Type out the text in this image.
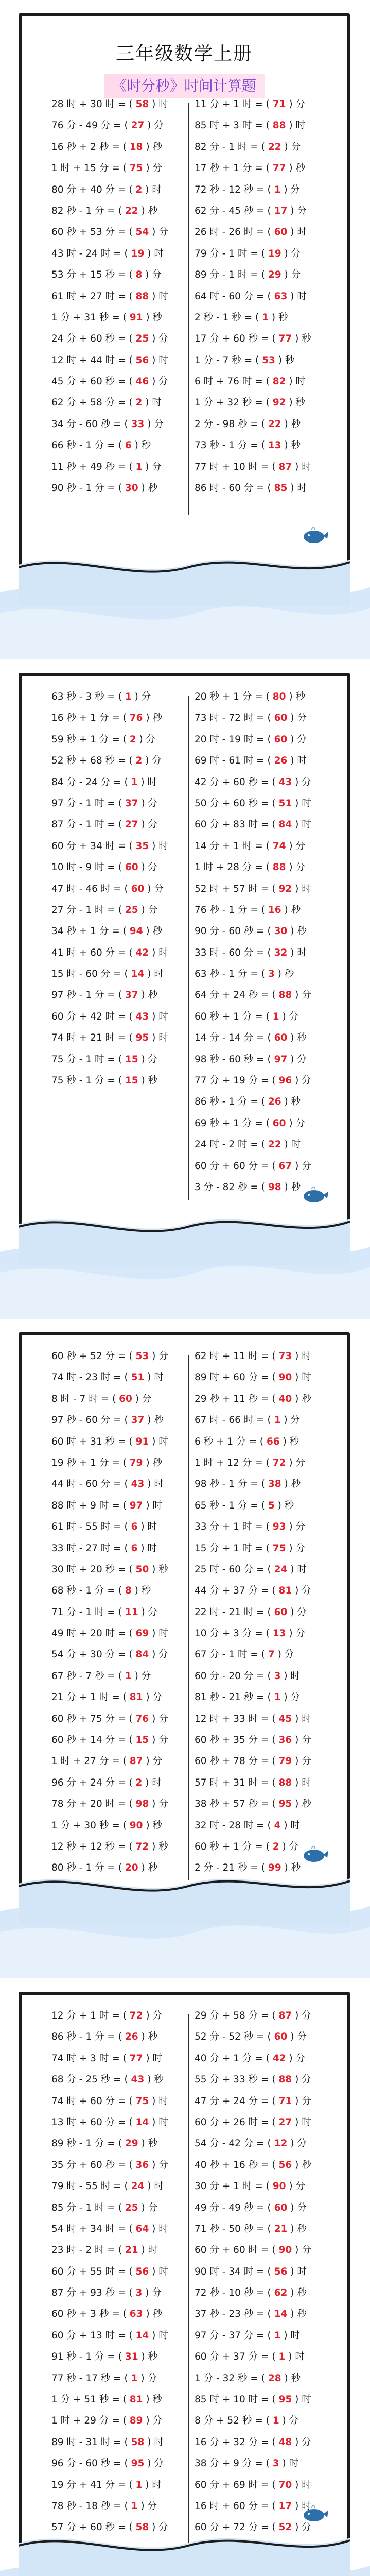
三年级数学上册
《时分秒》时间计算题
28 时 + 30 时 = ( 58 ) 时
76 分 - 49 分 = ( 27 ) 分
16 秒 + 2 秒 = ( 18 ) 秒
1 时 + 15 分 = ( 75 ) 分
80 分 + 40 分 = ( 2 ) 时
82 秒 - 1 分 = ( 22 ) 秒
60 秒 + 53 分 = ( 54 ) 分
43 时 - 24 时 = ( 19 ) 时
53 分 + 15 秒 = ( 8 ) 分
61 时 + 27 时 = ( 88 ) 时
1 分 + 31 秒 = ( 91 ) 秒
24 分 + 60 秒 = ( 25 ) 分
12 时 + 44 时 = ( 56 ) 时
45 分 + 60 秒 = ( 46 ) 分
62 分 + 58 分 = ( 2 ) 时
34 分 - 60 秒 = ( 33 ) 分
66 秒 - 1 分 = ( 6 ) 秒
11 秒 + 49 秒 = ( 1 ) 分
90 秒 - 1 分 = ( 30 ) 秒
11 分 + 1 时 = ( 71 ) 分
85 时 + 3 时 = ( 88 ) 时
82 分 - 1 时 = ( 22 ) 分
17 秒 + 1 分 = ( 77 ) 秒
72 秒 - 12 秒 = ( 1 ) 分
62 分 - 45 秒 = ( 17 ) 分
26 时 - 26 时 = ( 60 ) 时
79 分 - 1 时 = ( 19 ) 分
89 分 - 1 时 = ( 29 ) 分
64 时 - 60 分 = ( 63 ) 时
2 秒 - 1 秒 = ( 1 ) 秒
17 分 + 60 秒 = ( 77 ) 秒
1 分 - 7 秒 = ( 53 ) 秒
6 时 + 76 时 = ( 82 ) 时
1 分 + 32 秒 = ( 92 ) 秒
2 分 - 98 秒 = ( 22 ) 秒
73 秒 - 1 分 = ( 13 ) 秒
77 时 + 10 时 = ( 87 ) 时
86 时 - 60 分 = ( 85 ) 时
63 秒 - 3 秒 = ( 1 ) 分
16 秒 + 1 分 = ( 76 ) 秒
59 秒 + 1 分 = ( 2 ) 分
52 秒 + 68 秒 = ( 2 ) 分
84 分 - 24 分 = ( 1 ) 时
97 分 - 1 时 = ( 37 ) 分
87 分 - 1 时 = ( 27 ) 分
60 分 + 34 时 = ( 35 ) 时
10 时 - 9 时 = ( 60 ) 分
47 时 - 46 时 = ( 60 ) 分
27 分 - 1 时 = ( 25 ) 分
34 秒 + 1 分 = ( 94 ) 秒
41 时 + 60 分 = ( 42 ) 时
15 时 - 60 分 = ( 14 ) 时
97 秒 - 1 分 = ( 37 ) 秒
60 分 + 42 时 = ( 43 ) 时
74 时 + 21 时 = ( 95 ) 时
75 分 - 1 时 = ( 15 ) 分
75 秒 - 1 分 = ( 15 ) 秒
20 秒 + 1 分 = ( 80 ) 秒
73 时 - 72 时 = ( 60 ) 分
20 时 - 19 时 = ( 60 ) 分
69 时 - 61 时 = ( 26 ) 时
42 分 + 60 秒 = ( 43 ) 分
50 分 + 60 秒 = ( 51 ) 时
60 分 + 83 时 = ( 84 ) 时
14 分 + 1 时 = ( 74 ) 分
1 时 + 28 分 = ( 88 ) 分
52 时 + 57 时 = ( 92 ) 时
76 秒 - 1 分 = ( 16 ) 秒
90 分 - 60 秒 = ( 30 ) 秒
33 时 - 60 分 = ( 32 ) 时
63 秒 - 1 分 = ( 3 ) 秒
64 分 + 24 秒 = ( 88 ) 分
60 秒 + 1 分 = ( 1 ) 分
14 分 - 14 分 = ( 60 ) 秒
98 秒 - 60 秒 = ( 97 ) 分
77 分 + 19 分 = ( 96 ) 分
86 秒 - 1 分 = ( 26 ) 秒
69 秒 + 1 分 = ( 60 ) 分
24 时 - 2 时 = ( 22 ) 时
60 分 + 60 分 = ( 67 ) 分
3 分 - 82 秒 = ( 98 ) 秒
60 秒 + 52 分 = ( 53 ) 分
74 时 - 23 时 = ( 51 ) 时
8 时 - 7 时 = ( 60 ) 分
97 秒 - 60 分 = ( 37 ) 秒
60 时 + 31 秒 = ( 91 ) 时
19 秒 + 1 分 = ( 79 ) 秒
44 时 - 60 分 = ( 43 ) 时
88 时 + 9 时 = ( 97 ) 时
61 时 - 55 时 = ( 6 ) 时
33 时 - 27 时 = ( 6 ) 时
30 时 + 20 秒 = ( 50 ) 秒
68 秒 - 1 分 = ( 8 ) 秒
71 分 - 1 时 = ( 11 ) 分
49 时 + 20 时 = ( 69 ) 时
54 分 + 30 分 = ( 84 ) 分
67 秒 - 7 秒 = ( 1 ) 分
21 分 + 1 时 = ( 81 ) 分
60 秒 + 75 分 = ( 76 ) 分
60 秒 + 14 分 = ( 15 ) 分
1 时 + 27 分 = ( 87 ) 分
96 分 + 24 分 = ( 2 ) 时
78 分 + 20 时 = ( 98 ) 分
1 分 + 30 秒 = ( 90 ) 秒
12 秒 + 12 秒 = ( 72 ) 秒
80 秒 - 1 分 = ( 20 ) 秒
62 时 + 11 时 = ( 73 ) 时
89 时 + 60 分 = ( 90 ) 时
29 秒 + 11 秒 = ( 40 ) 秒
67 时 - 66 时 = ( 1 ) 分
6 秒 + 1 分 = ( 66 ) 秒
1 时 + 12 分 = ( 72 ) 分
98 秒 - 1 分 = ( 38 ) 秒
65 秒 - 1 分 = ( 5 ) 秒
33 分 + 1 时 = ( 93 ) 分
15 分 + 1 时 = ( 75 ) 分
25 时 - 60 分 = ( 24 ) 时
44 分 + 37 分 = ( 81 ) 分
22 时 - 21 时 = ( 60 ) 分
10 分 + 3 分 = ( 13 ) 分
67 分 - 1 时 = ( 7 ) 分
60 分 - 20 分 = ( 3 ) 时
81 秒 - 21 秒 = ( 1 ) 分
12 时 + 33 时 = ( 45 ) 时
60 秒 + 35 分 = ( 36 ) 分
60 秒 + 78 分 = ( 79 ) 分
57 时 + 31 时 = ( 88 ) 时
38 秒 + 57 秒 = ( 95 ) 秒
32 时 - 28 时 = ( 4 ) 时
60 秒 + 1 分 = ( 2 ) 分
2 分 - 21 秒 = ( 99 ) 秒
12 分 + 1 时 = ( 72 ) 分
86 秒 - 1 分 = ( 26 ) 秒
74 时 + 3 时 = ( 77 ) 时
68 分 - 25 秒 = ( 43 ) 秒
74 时 + 60 分 = ( 75 ) 时
13 时 + 60 分 = ( 14 ) 时
89 秒 - 1 分 = ( 29 ) 秒
35 分 + 60 秒 = ( 36 ) 分
79 时 - 55 时 = ( 24 ) 时
85 分 - 1 时 = ( 25 ) 分
54 时 + 34 时 = ( 64 ) 时
23 时 - 2 时 = ( 21 ) 时
60 分 + 55 时 = ( 56 ) 时
87 分 + 93 秒 = ( 3 ) 分
60 秒 + 3 秒 = ( 63 ) 秒
60 分 + 13 时 = ( 14 ) 时
91 秒 - 1 分 = ( 31 ) 秒
77 秒 - 17 秒 = ( 1 ) 分
1 分 + 51 秒 = ( 81 ) 秒
1 时 + 29 分 = ( 89 ) 分
89 时 - 31 时 = ( 58 ) 时
96 分 - 60 秒 = ( 95 ) 分
19 分 + 41 分 = ( 1 ) 时
78 秒 - 18 秒 = ( 1 ) 分
57 分 + 60 秒 = ( 58 ) 分
29 分 + 58 分 = ( 87 ) 分
52 分 - 52 秒 = ( 60 ) 分
40 分 + 1 分 = ( 42 ) 分
55 分 + 33 秒 = ( 88 ) 分
47 分 + 24 分 = ( 71 ) 分
60 分 + 26 时 = ( 27 ) 时
54 分 - 42 分 = ( 12 ) 分
40 秒 + 16 秒 = ( 56 ) 秒
30 分 + 1 时 = ( 90 ) 分
49 分 - 49 秒 = ( 60 ) 分
71 秒 - 50 秒 = ( 21 ) 秒
60 分 + 60 时 = ( 90 ) 分
90 时 - 34 时 = ( 56 ) 时
72 秒 - 10 秒 = ( 62 ) 秒
37 秒 - 23 秒 = ( 14 ) 秒
97 分 - 37 分 = ( 1 ) 时
60 分 + 37 分 = ( 1 ) 时
1 分 - 32 秒 = ( 28 ) 秒
85 时 + 10 时 = ( 95 ) 时
8 分 + 52 秒 = ( 1 ) 分
16 分 + 32 分 = ( 48 ) 分
38 分 + 9 分 = ( 3 ) 时
60 分 + 69 时 = ( 70 ) 时
16 时 + 60 分 = ( 17 ) 时
60 分 + 72 分 = ( 52 ) 分
